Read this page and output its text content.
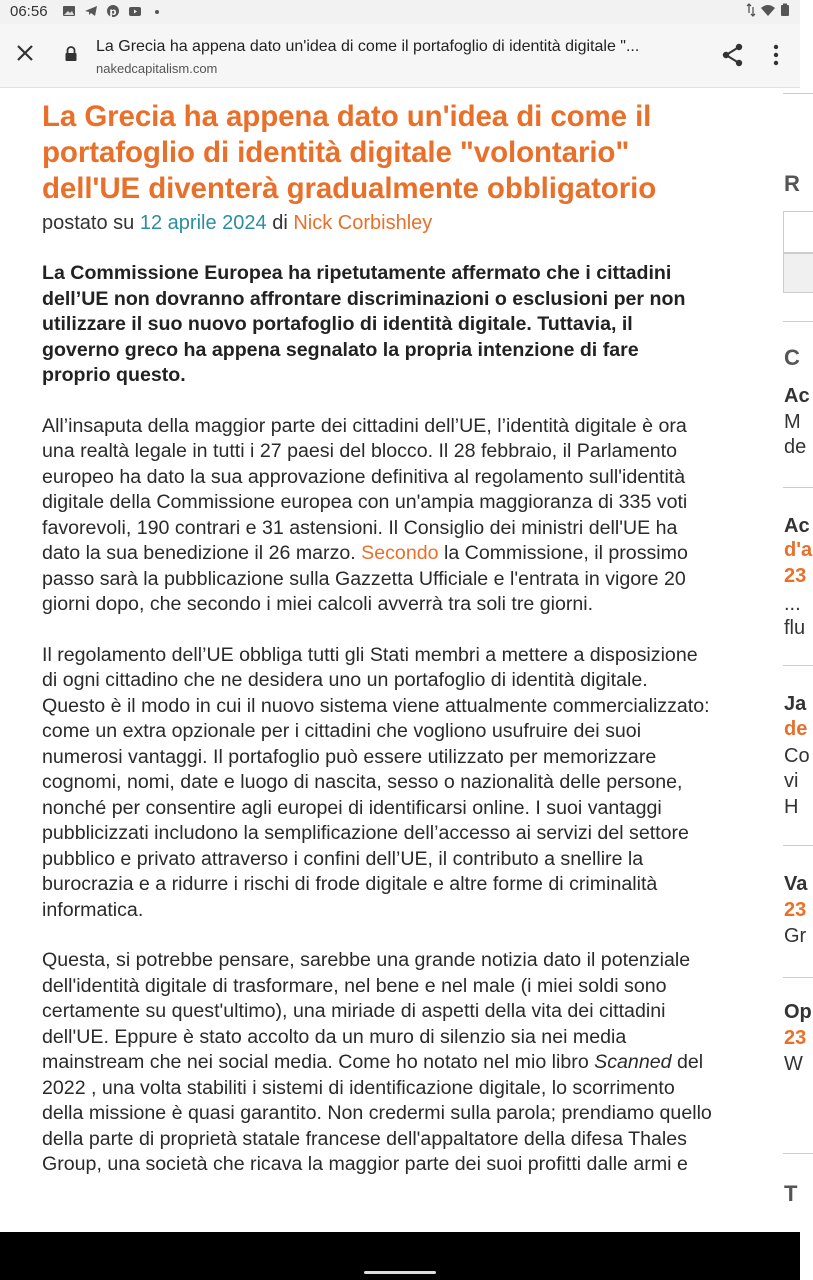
06:56	p
La Grecia ha appena dato un'idea di come il portafoglio di identità digitale "...
nakedcapitalism.com
La Grecia ha appena dato un'idea di come il portafoglio di identità digitale "volontario" dell'UE diventerà gradualmente obbligatorio
postato su 12 aprile 2024 di Nick Corbishley

La Commissione Europea ha ripetutamente affermato che i cittadini dell’UE non dovranno affrontare discriminazioni o esclusioni per non utilizzare il suo nuovo portafoglio di identità digitale. Tuttavia, il governo greco ha appena segnalato la propria intenzione di fare proprio questo.

All’insaputa della maggior parte dei cittadini dell’UE, l’identità digitale è ora una realtà legale in tutti i 27 paesi del blocco. Il 28 febbraio, il Parlamento europeo ha dato la sua approvazione definitiva al regolamento sull'identità digitale della Commissione europea con un'ampia maggioranza di 335 voti favorevoli, 190 contrari e 31 astensioni. Il Consiglio dei ministri dell'UE ha dato la sua benedizione il 26 marzo. Secondo la Commissione, il prossimo passo sarà la pubblicazione sulla Gazzetta Ufficiale e l'entrata in vigore 20 giorni dopo, che secondo i miei calcoli avverrà tra soli tre giorni.

Il regolamento dell’UE obbliga tutti gli Stati membri a mettere a disposizione di ogni cittadino che ne desidera uno un portafoglio di identità digitale. Questo è il modo in cui il nuovo sistema viene attualmente commercializzato: come un extra opzionale per i cittadini che vogliono usufruire dei suoi numerosi vantaggi. Il portafoglio può essere utilizzato per memorizzare cognomi, nomi, date e luogo di nascita, sesso o nazionalità delle persone, nonché per consentire agli europei di identificarsi online. I suoi vantaggi pubblicizzati includono la semplificazione dell’accesso ai servizi del settore pubblico e privato attraverso i confini dell’UE, il contributo a snellire la burocrazia e a ridurre i rischi di frode digitale e altre forme di criminalità informatica.

Questa, si potrebbe pensare, sarebbe una grande notizia dato il potenziale dell'identità digitale di trasformare, nel bene e nel male (i miei soldi sono certamente su quest'ultimo), una miriade di aspetti della vita dei cittadini dell'UE. Eppure è stato accolto da un muro di silenzio sia nei media mainstream che nei social media. Come ho notato nel mio libro Scanned del 2022 , una volta stabiliti i sistemi di identificazione digitale, lo scorrimento della missione è quasi garantito. Non credermi sulla parola; prendiamo quello della parte di proprietà statale francese dell'appaltatore della difesa Thales Group, una società che ricava la maggior parte dei suoi profitti dalle armi e

R
C
Ac
M
de
Ac
d'a
23
...
flu
Ja
de
Co
vi
H
Va
23
Gr
Op
23
W
T
